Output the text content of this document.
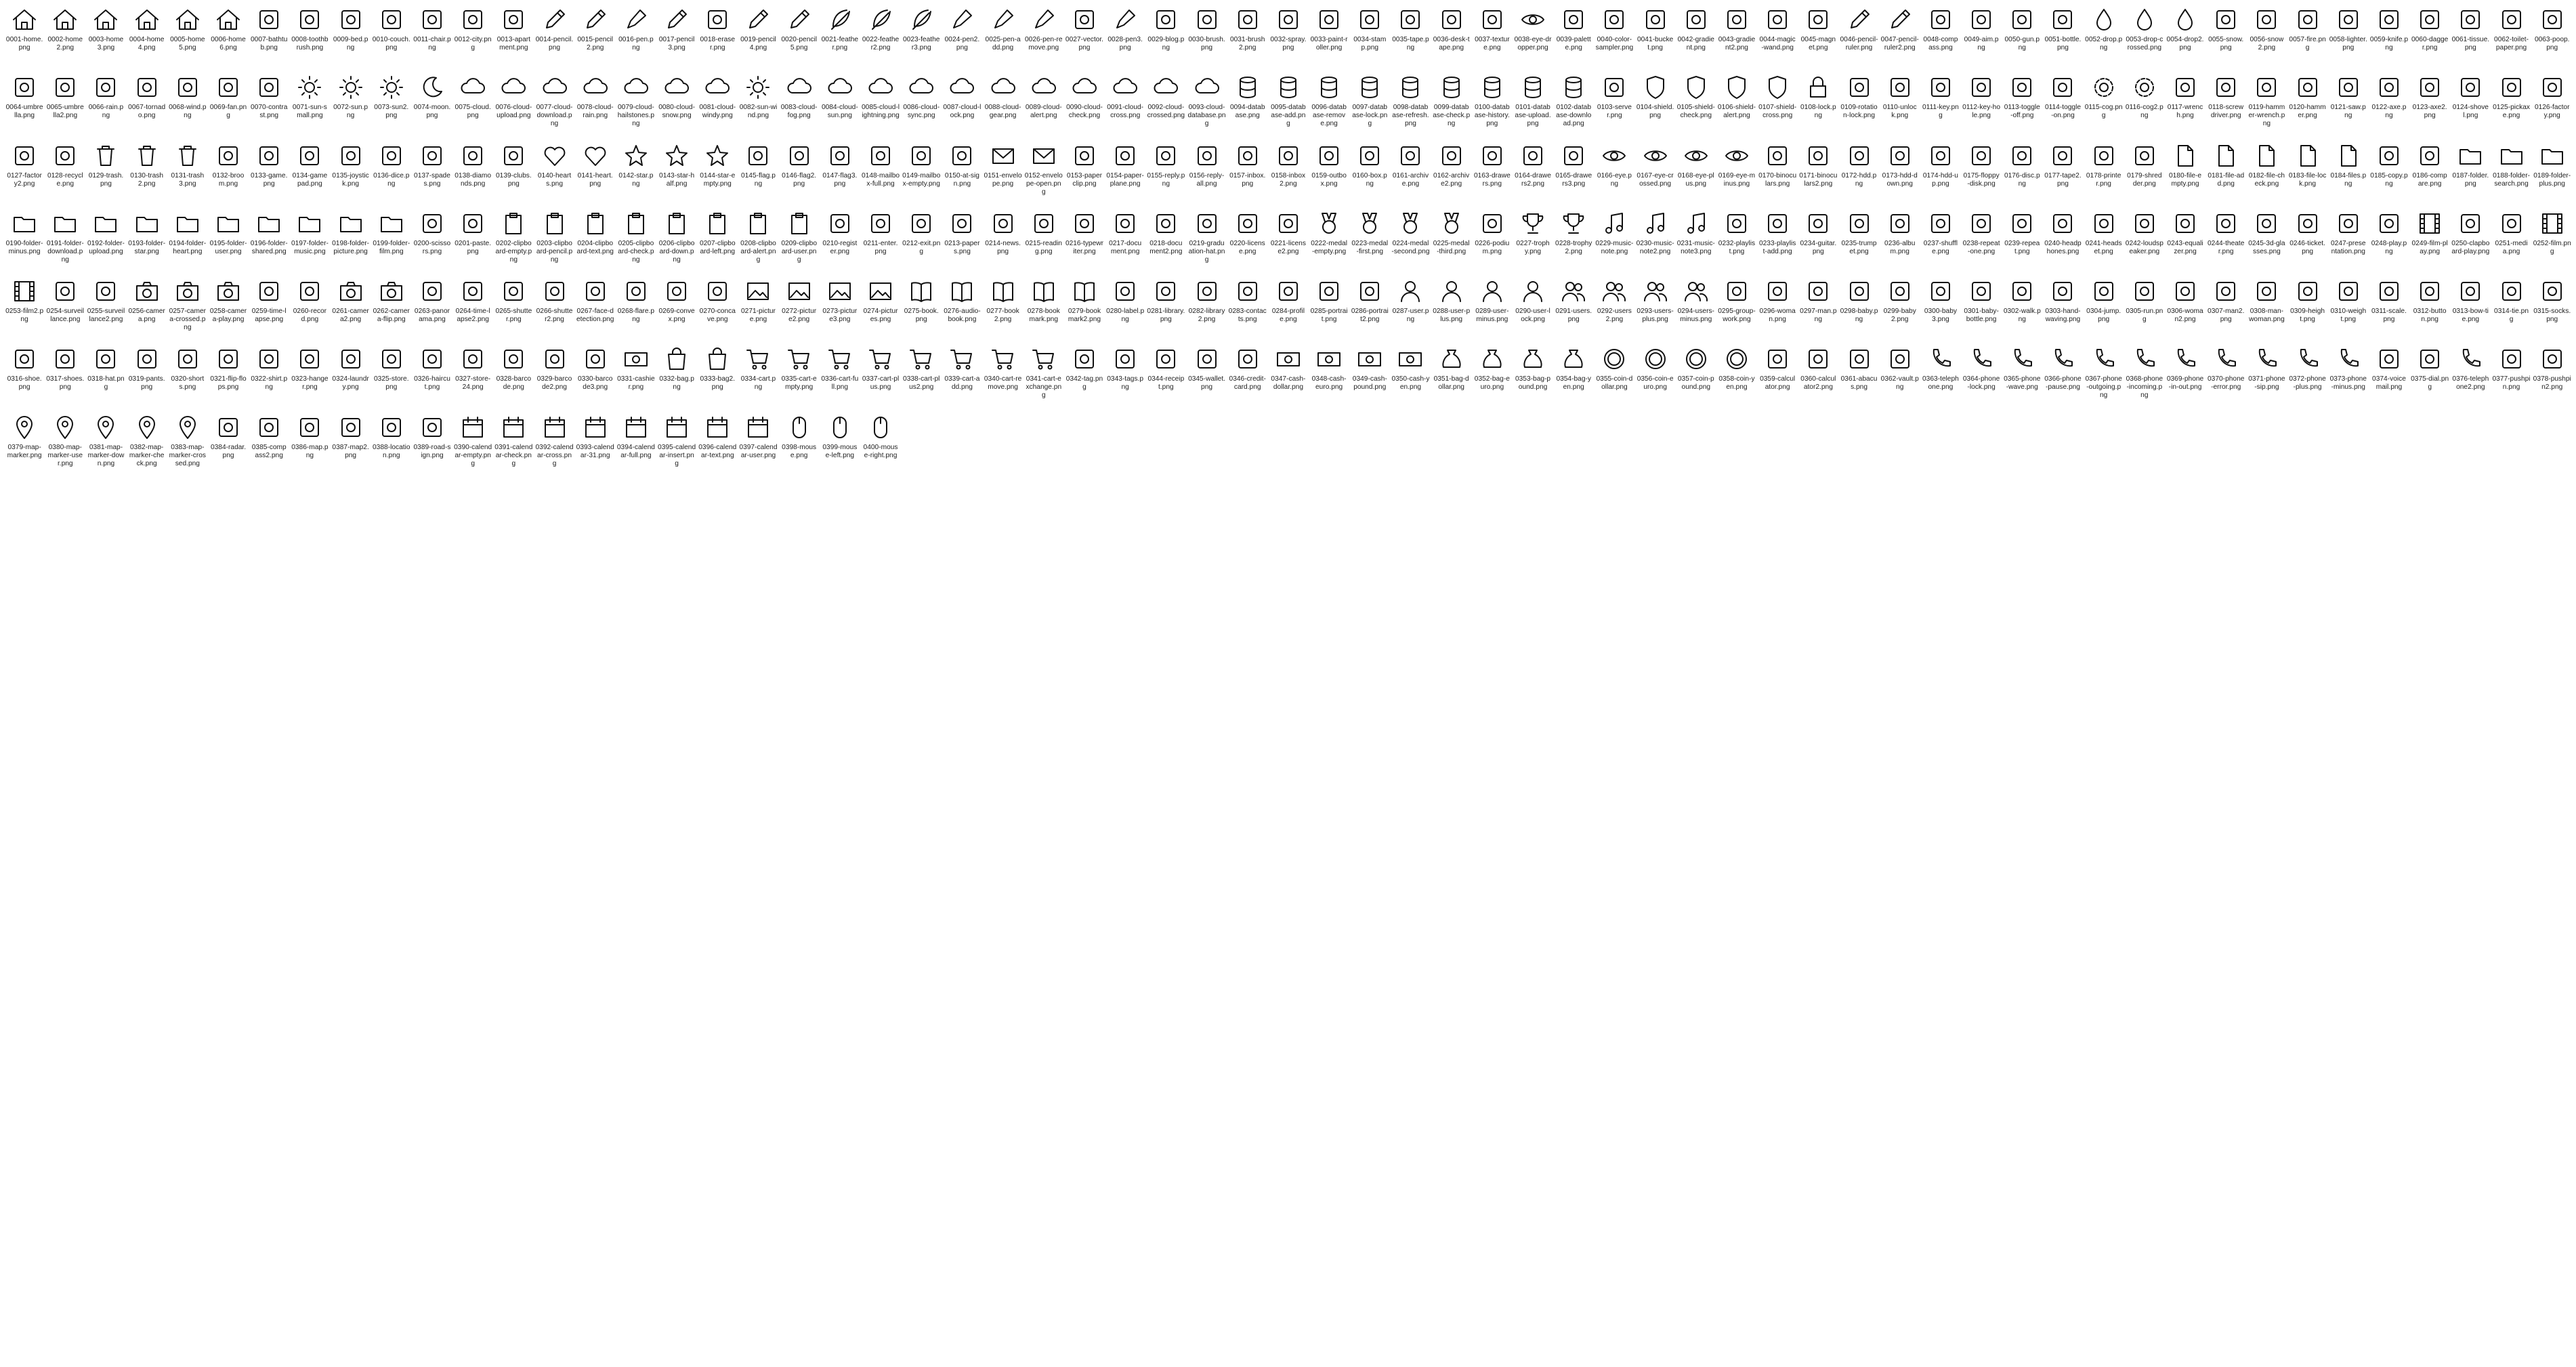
0001-home.png
0002-home2.png
0003-home3.png
0004-home4.png
0005-home5.png
0006-home6.png
0007-bathtub.png
0008-toothbrush.png
0009-bed.png
0010-couch.png
0011-chair.png
0012-city.png
0013-apartment.png
0014-pencil.png
0015-pencil2.png
0016-pen.png
0017-pencil3.png
0018-eraser.png
0019-pencil4.png
0020-pencil5.png
0021-feather.png
0022-feather2.png
0023-feather3.png
0024-pen2.png
0025-pen-add.png
0026-pen-remove.png
0027-vector.png
0028-pen3.png
0029-blog.png
0030-brush.png
0031-brush2.png
0032-spray.png
0033-paint-roller.png
0034-stamp.png
0035-tape.png
0036-desk-tape.png
0037-texture.png
0038-eye-dropper.png
0039-palette.png
0040-color-sampler.png
0041-bucket.png
0042-gradient.png
0043-gradient2.png
0044-magic-wand.png
0045-magnet.png
0046-pencil-ruler.png
0047-pencil-ruler2.png
0048-compass.png
0049-aim.png
0050-gun.png
0051-bottle.png
0052-drop.png
0053-drop-crossed.png
0054-drop2.png
0055-snow.png
0056-snow2.png
0057-fire.png
0058-lighter.png
0059-knife.png
0060-dagger.png
0061-tissue.png
0062-toilet-paper.png
0063-poop.png
0064-umbrella.png
0065-umbrella2.png
0066-rain.png
0067-tornado.png
0068-wind.png
0069-fan.png
0070-contrast.png
0071-sun-small.png
0072-sun.png
0073-sun2.png
0074-moon.png
0075-cloud.png
0076-cloud-upload.png
0077-cloud-download.png
0078-cloud-rain.png
0079-cloud-hailstones.png
0080-cloud-snow.png
0081-cloud-windy.png
0082-sun-wind.png
0083-cloud-fog.png
0084-cloud-sun.png
0085-cloud-lightning.png
0086-cloud-sync.png
0087-cloud-lock.png
0088-cloud-gear.png
0089-cloud-alert.png
0090-cloud-check.png
0091-cloud-cross.png
0092-cloud-crossed.png
0093-cloud-database.png
0094-database.png
0095-database-add.png
0096-database-remove.png
0097-database-lock.png
0098-database-refresh.png
0099-database-check.png
0100-database-history.png
0101-database-upload.png
0102-database-download.png
0103-server.png
0104-shield.png
0105-shield-check.png
0106-shield-alert.png
0107-shield-cross.png
0108-lock.png
0109-rotation-lock.png
0110-unlock.png
0111-key.png
0112-key-hole.png
0113-toggle-off.png
0114-toggle-on.png
0115-cog.png
0116-cog2.png
0117-wrench.png
0118-screwdriver.png
0119-hammer-wrench.png
0120-hammer.png
0121-saw.png
0122-axe.png
0123-axe2.png
0124-shovel.png
0125-pickaxe.png
0126-factory.png
0127-factory2.png
0128-recycle.png
0129-trash.png
0130-trash2.png
0131-trash3.png
0132-broom.png
0133-game.png
0134-gamepad.png
0135-joystick.png
0136-dice.png
0137-spades.png
0138-diamonds.png
0139-clubs.png
0140-hearts.png
0141-heart.png
0142-star.png
0143-star-half.png
0144-star-empty.png
0145-flag.png
0146-flag2.png
0147-flag3.png
0148-mailbox-full.png
0149-mailbox-empty.png
0150-at-sign.png
0151-envelope.png
0152-envelope-open.png
0153-paperclip.png
0154-paper-plane.png
0155-reply.png
0156-reply-all.png
0157-inbox.png
0158-inbox2.png
0159-outbox.png
0160-box.png
0161-archive.png
0162-archive2.png
0163-drawers.png
0164-drawers2.png
0165-drawers3.png
0166-eye.png
0167-eye-crossed.png
0168-eye-plus.png
0169-eye-minus.png
0170-binoculars.png
0171-binoculars2.png
0172-hdd.png
0173-hdd-down.png
0174-hdd-up.png
0175-floppy-disk.png
0176-disc.png
0177-tape2.png
0178-printer.png
0179-shredder.png
0180-file-empty.png
0181-file-add.png
0182-file-check.png
0183-file-lock.png
0184-files.png
0185-copy.png
0186-compare.png
0187-folder.png
0188-folder-search.png
0189-folder-plus.png
0190-folder-minus.png
0191-folder-download.png
0192-folder-upload.png
0193-folder-star.png
0194-folder-heart.png
0195-folder-user.png
0196-folder-shared.png
0197-folder-music.png
0198-folder-picture.png
0199-folder-film.png
0200-scissors.png
0201-paste.png
0202-clipboard-empty.png
0203-clipboard-pencil.png
0204-clipboard-text.png
0205-clipboard-check.png
0206-clipboard-down.png
0207-clipboard-left.png
0208-clipboard-alert.png
0209-clipboard-user.png
0210-register.png
0211-enter.png
0212-exit.png
0213-papers.png
0214-news.png
0215-reading.png
0216-typewriter.png
0217-document.png
0218-document2.png
0219-graduation-hat.png
0220-license.png
0221-license2.png
0222-medal-empty.png
0223-medal-first.png
0224-medal-second.png
0225-medal-third.png
0226-podium.png
0227-trophy.png
0228-trophy2.png
0229-music-note.png
0230-music-note2.png
0231-music-note3.png
0232-playlist.png
0233-playlist-add.png
0234-guitar.png
0235-trumpet.png
0236-album.png
0237-shuffle.png
0238-repeat-one.png
0239-repeat.png
0240-headphones.png
0241-headset.png
0242-loudspeaker.png
0243-equalizer.png
0244-theater.png
0245-3d-glasses.png
0246-ticket.png
0247-presentation.png
0248-play.png
0249-film-play.png
0250-clapboard-play.png
0251-media.png
0252-film.png
0253-film2.png
0254-surveillance.png
0255-surveillance2.png
0256-camera.png
0257-camera-crossed.png
0258-camera-play.png
0259-time-lapse.png
0260-record.png
0261-camera2.png
0262-camera-flip.png
0263-panorama.png
0264-time-lapse2.png
0265-shutter.png
0266-shutter2.png
0267-face-detection.png
0268-flare.png
0269-convex.png
0270-concave.png
0271-picture.png
0272-picture2.png
0273-picture3.png
0274-pictures.png
0275-book.png
0276-audio-book.png
0277-book2.png
0278-bookmark.png
0279-bookmark2.png
0280-label.png
0281-library.png
0282-library2.png
0283-contacts.png
0284-profile.png
0285-portrait.png
0286-portrait2.png
0287-user.png
0288-user-plus.png
0289-user-minus.png
0290-user-lock.png
0291-users.png
0292-users2.png
0293-users-plus.png
0294-users-minus.png
0295-group-work.png
0296-woman.png
0297-man.png
0298-baby.png
0299-baby2.png
0300-baby3.png
0301-baby-bottle.png
0302-walk.png
0303-hand-waving.png
0304-jump.png
0305-run.png
0306-woman2.png
0307-man2.png
0308-man-woman.png
0309-height.png
0310-weight.png
0311-scale.png
0312-button.png
0313-bow-tie.png
0314-tie.png
0315-socks.png
0316-shoe.png
0317-shoes.png
0318-hat.png
0319-pants.png
0320-shorts.png
0321-flip-flops.png
0322-shirt.png
0323-hanger.png
0324-laundry.png
0325-store.png
0326-haircut.png
0327-store-24.png
0328-barcode.png
0329-barcode2.png
0330-barcode3.png
0331-cashier.png
0332-bag.png
0333-bag2.png
0334-cart.png
0335-cart-empty.png
0336-cart-full.png
0337-cart-plus.png
0338-cart-plus2.png
0339-cart-add.png
0340-cart-remove.png
0341-cart-exchange.png
0342-tag.png
0343-tags.png
0344-receipt.png
0345-wallet.png
0346-credit-card.png
0347-cash-dollar.png
0348-cash-euro.png
0349-cash-pound.png
0350-cash-yen.png
0351-bag-dollar.png
0352-bag-euro.png
0353-bag-pound.png
0354-bag-yen.png
0355-coin-dollar.png
0356-coin-euro.png
0357-coin-pound.png
0358-coin-yen.png
0359-calculator.png
0360-calculator2.png
0361-abacus.png
0362-vault.png
0363-telephone.png
0364-phone-lock.png
0365-phone-wave.png
0366-phone-pause.png
0367-phone-outgoing.png
0368-phone-incoming.png
0369-phone-in-out.png
0370-phone-error.png
0371-phone-sip.png
0372-phone-plus.png
0373-phone-minus.png
0374-voicemail.png
0375-dial.png
0376-telephone2.png
0377-pushpin.png
0378-pushpin2.png
0379-map-marker.png
0380-map-marker-user.png
0381-map-marker-down.png
0382-map-marker-check.png
0383-map-marker-crossed.png
0384-radar.png
0385-compass2.png
0386-map.png
0387-map2.png
0388-location.png
0389-road-sign.png
0390-calendar-empty.png
0391-calendar-check.png
0392-calendar-cross.png
0393-calendar-31.png
0394-calendar-full.png
0395-calendar-insert.png
0396-calendar-text.png
0397-calendar-user.png
0398-mouse.png
0399-mouse-left.png
0400-mouse-right.png
